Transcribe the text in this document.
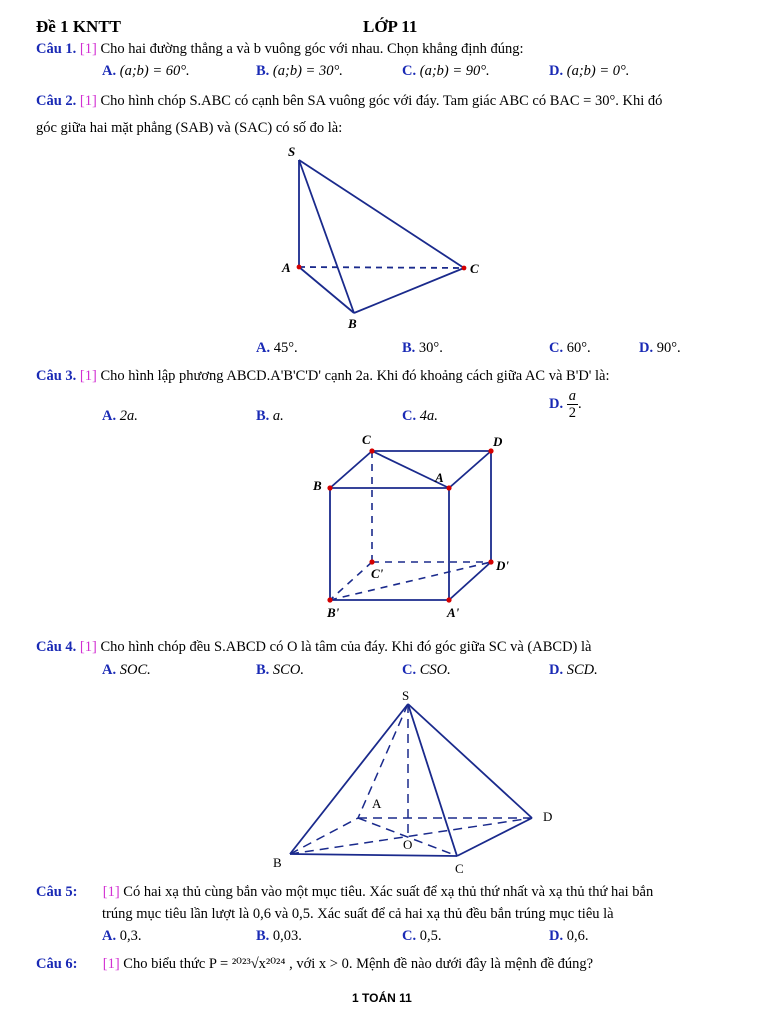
Đề 1 KNTT	LỚP 11
Câu 1. [1] Cho hai đường thẳng a và b vuông góc với nhau. Chọn khẳng định đúng:
A. (a;b) = 60°.	B. (a;b) = 30°.	C. (a;b) = 90°.	D. (a;b) = 0°.
Câu 2. [1] Cho hình chóp S.ABC có cạnh bên SA vuông góc với đáy. Tam giác ABC có BAC = 30°. Khi đó
góc giữa hai mặt phẳng (SAB) và (SAC) có số đo là:
S
A	C
B
A. 45°.	B. 30°.	C. 60°.	D. 90°.
Câu 3. [1] Cho hình lập phương ABCD.A'B'C'D' cạnh 2a. Khi đó khoảng cách giữa AC và B'D' là:
A. 2a.	B. a.	C. 4a.
D. $\frac{a}{2}$ .
C	D
B
A
C'
D'
B'	A'
Câu 4. [1] Cho hình chóp đều S.ABCD có O là tâm của đáy. Khi đó góc giữa SC và (ABCD) là
A. SOC.	B. SCO.	C. CSO.	D. SCD.
S
A
B	C
D
O
Câu 5: [1] Có hai xạ thủ cùng bắn vào một mục tiêu. Xác suất để xạ thủ thứ nhất và xạ thủ thứ hai bắn
trúng mục tiêu lần lượt là 0,6 và 0,5. Xác suất để cả hai xạ thủ đều bắn trúng mục tiêu là
A. 0,3.	B. 0,03.	C. 0,5.	D. 0,6.
Câu 6: [1] Cho biểu thức P = ²⁰²³√x²⁰²⁴ , với x > 0. Mệnh đề nào dưới đây là mệnh đề đúng?
1 TOÁN 11
